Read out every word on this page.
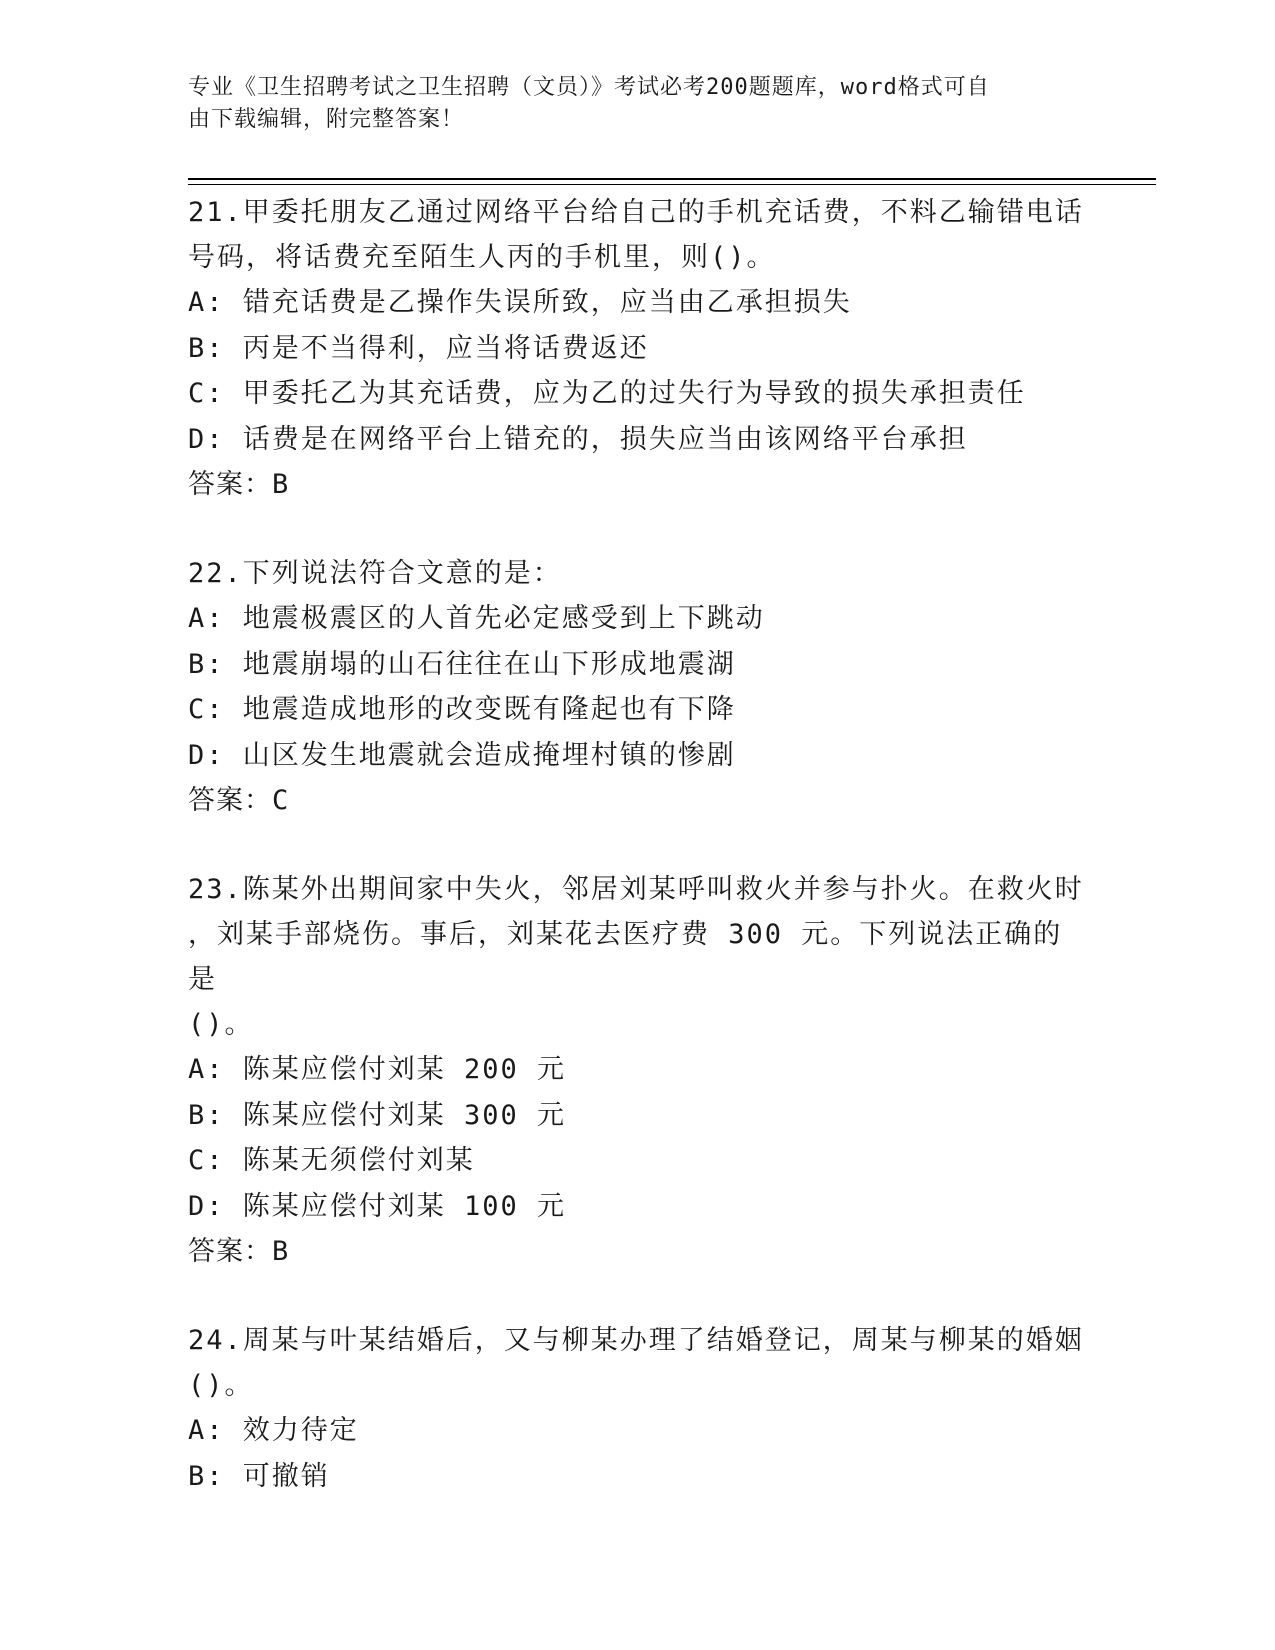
专业《卫生招聘考试之卫生招聘（文员）》考试必考200题题库，word格式可自
由下载编辑，附完整答案！
21.甲委托朋友乙通过网络平台给自己的手机充话费，不料乙输错电话
号码，将话费充至陌生人丙的手机里，则()。
A: 错充话费是乙操作失误所致，应当由乙承担损失
B: 丙是不当得利，应当将话费返还
C: 甲委托乙为其充话费，应为乙的过失行为导致的损失承担责任
D: 话费是在网络平台上错充的，损失应当由该网络平台承担
答案：B
22.下列说法符合文意的是：
A: 地震极震区的人首先必定感受到上下跳动
B: 地震崩塌的山石往往在山下形成地震湖
C: 地震造成地形的改变既有隆起也有下降
D: 山区发生地震就会造成掩埋村镇的惨剧
答案：C
23.陈某外出期间家中失火，邻居刘某呼叫救火并参与扑火。在救火时
，刘某手部烧伤。事后，刘某花去医疗费 300 元。下列说法正确的是
()。
A: 陈某应偿付刘某 200 元
B: 陈某应偿付刘某 300 元
C: 陈某无须偿付刘某
D: 陈某应偿付刘某 100 元
答案：B
24.周某与叶某结婚后，又与柳某办理了结婚登记，周某与柳某的婚姻
()。
A: 效力待定
B: 可撤销
